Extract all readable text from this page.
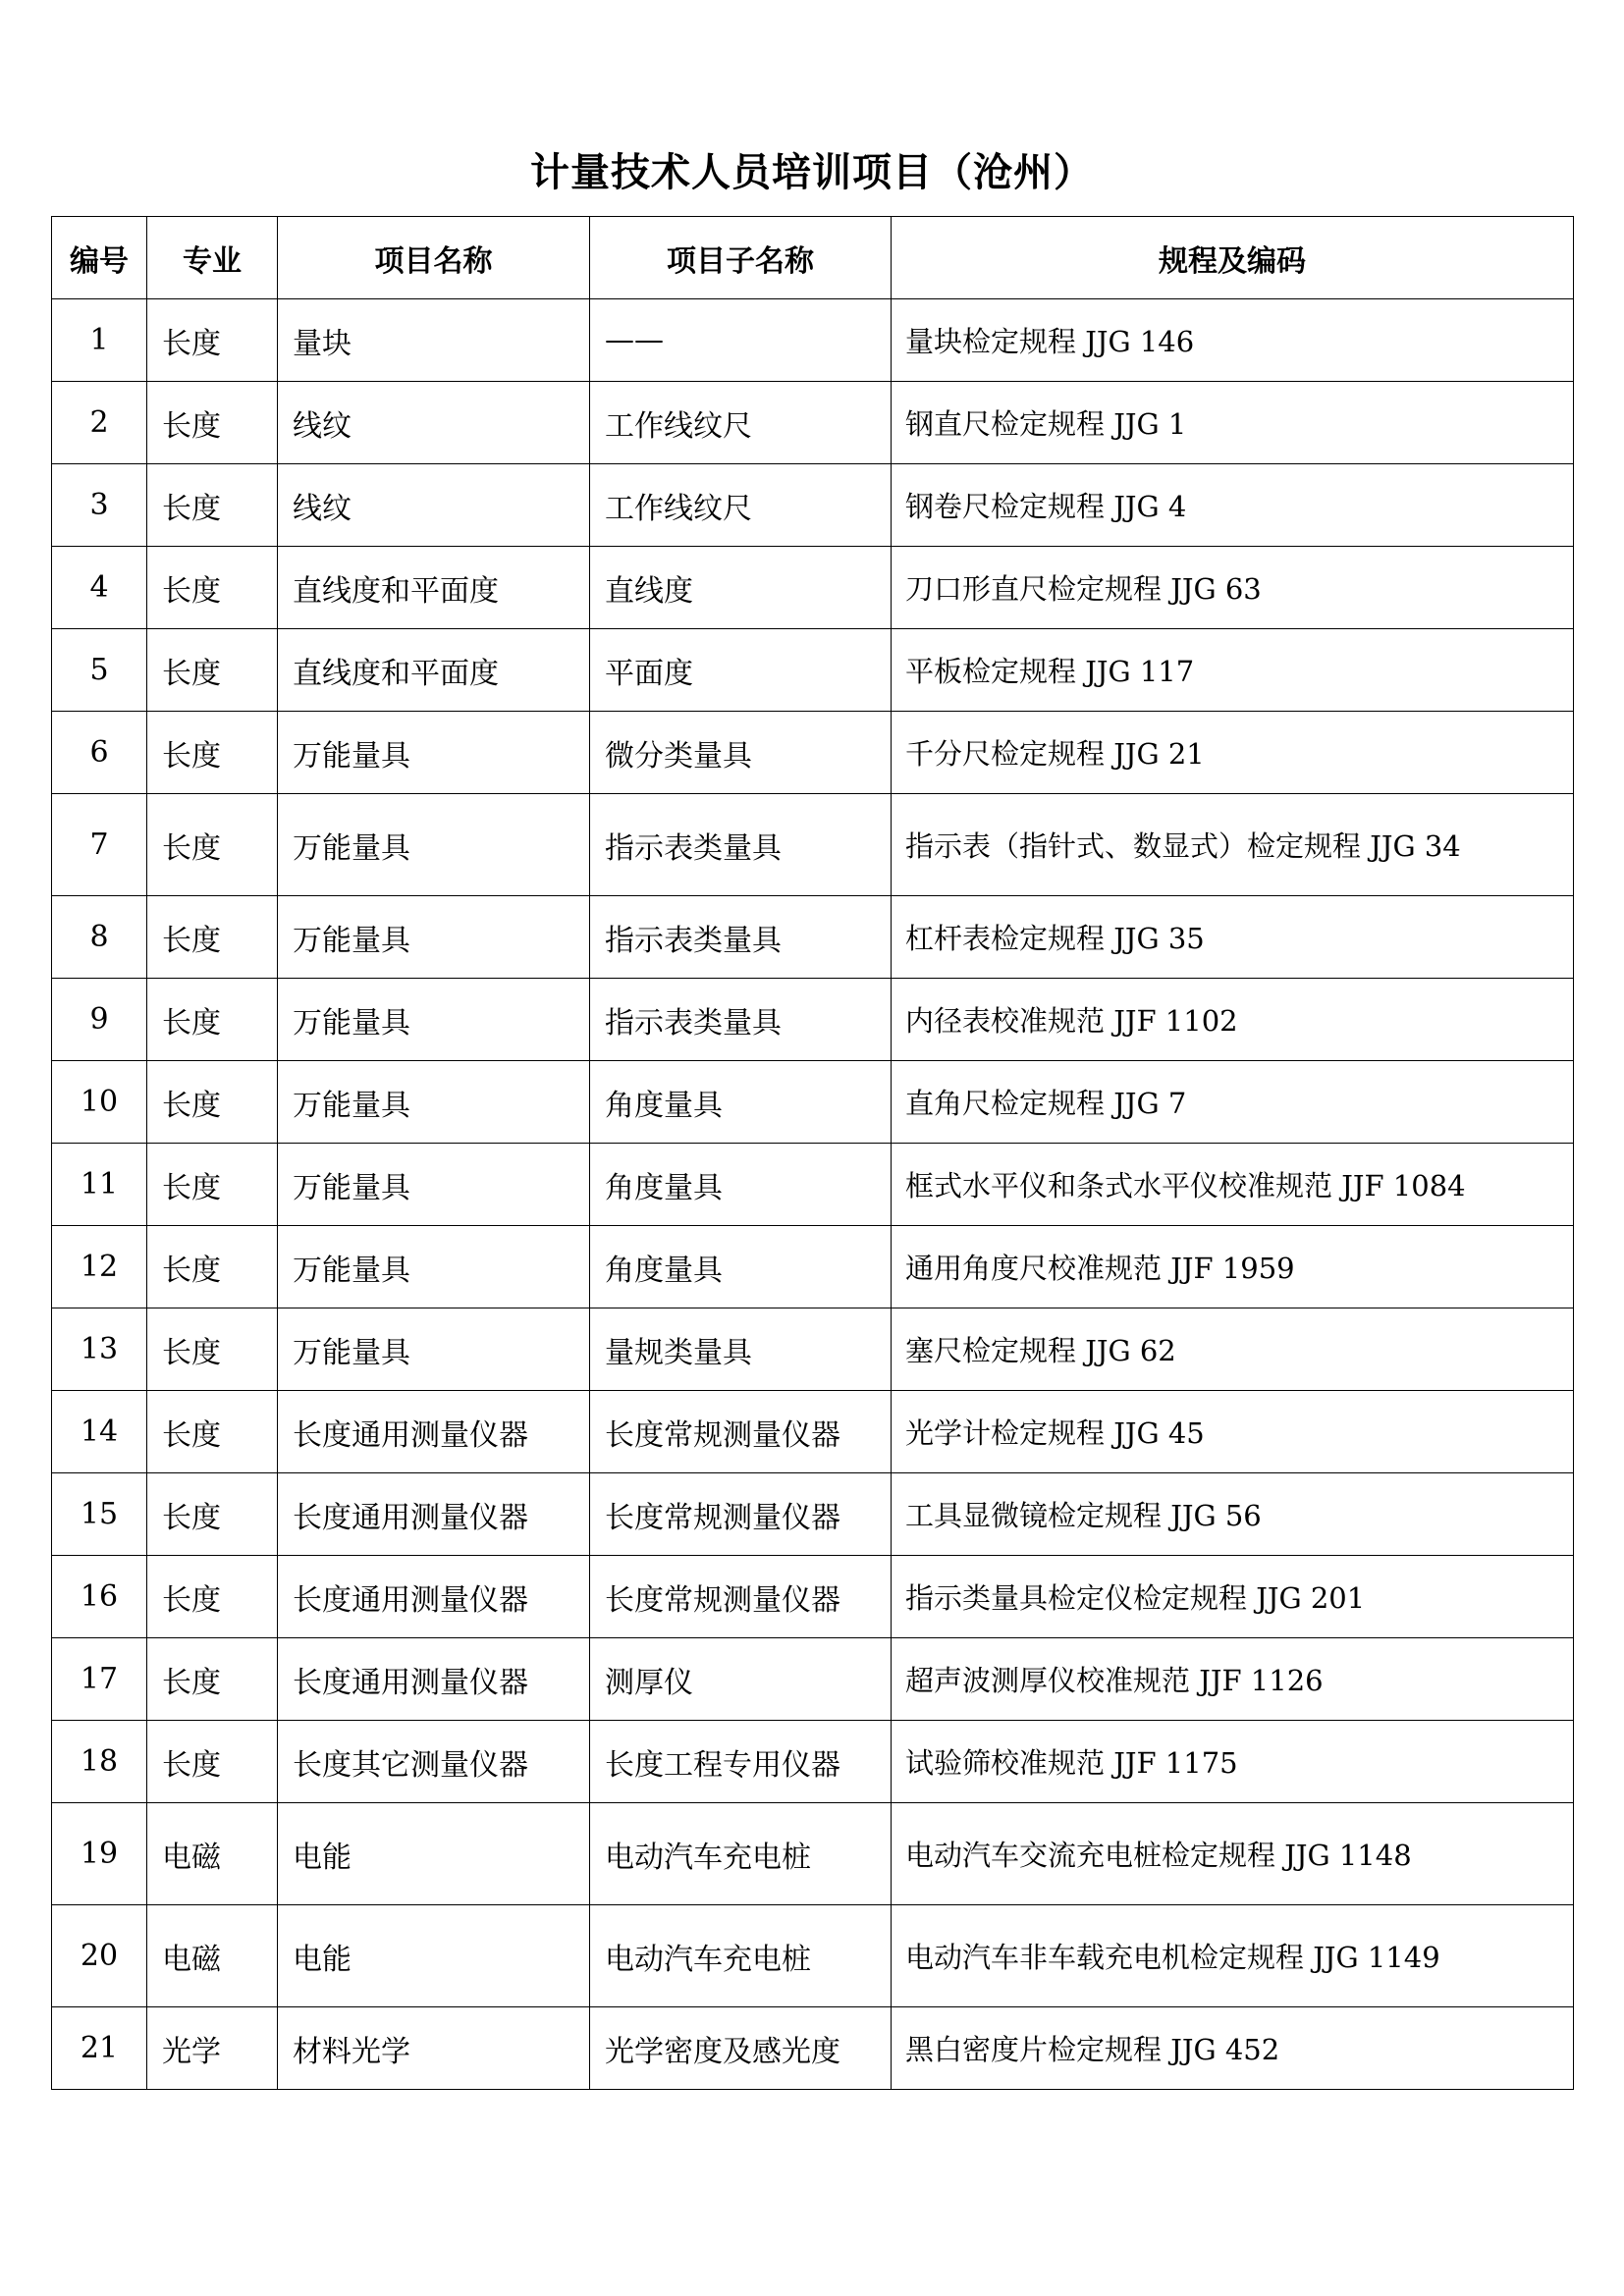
计量技术人员培训项目（沧州）
编号	专业	项目名称	项目子名称	规程及编码
1	长度	量块	——	量块检定规程 JJG 146
2	长度	线纹	工作线纹尺	钢直尺检定规程 JJG 1
3	长度	线纹	工作线纹尺	钢卷尺检定规程 JJG 4
4	长度	直线度和平面度	直线度	刀口形直尺检定规程 JJG 63
5	长度	直线度和平面度	平面度	平板检定规程 JJG 117
6	长度	万能量具	微分类量具	千分尺检定规程 JJG 21
7	长度	万能量具	指示表类量具	指示表（指针式、数显式）检定规程 JJG 34
8	长度	万能量具	指示表类量具	杠杆表检定规程 JJG 35
9	长度	万能量具	指示表类量具	内径表校准规范 JJF 1102
10	长度	万能量具	角度量具	直角尺检定规程 JJG 7
11	长度	万能量具	角度量具	框式水平仪和条式水平仪校准规范 JJF 1084
12	长度	万能量具	角度量具	通用角度尺校准规范 JJF 1959
13	长度	万能量具	量规类量具	塞尺检定规程 JJG 62
14	长度	长度通用测量仪器	长度常规测量仪器	光学计检定规程 JJG 45
15	长度	长度通用测量仪器	长度常规测量仪器	工具显微镜检定规程 JJG 56
16	长度	长度通用测量仪器	长度常规测量仪器	指示类量具检定仪检定规程 JJG 201
17	长度	长度通用测量仪器	测厚仪	超声波测厚仪校准规范 JJF 1126
18	长度	长度其它测量仪器	长度工程专用仪器	试验筛校准规范 JJF 1175
19	电磁	电能	电动汽车充电桩	电动汽车交流充电桩检定规程 JJG 1148
20	电磁	电能	电动汽车充电桩	电动汽车非车载充电机检定规程 JJG 1149
21	光学	材料光学	光学密度及感光度	黑白密度片检定规程 JJG 452
